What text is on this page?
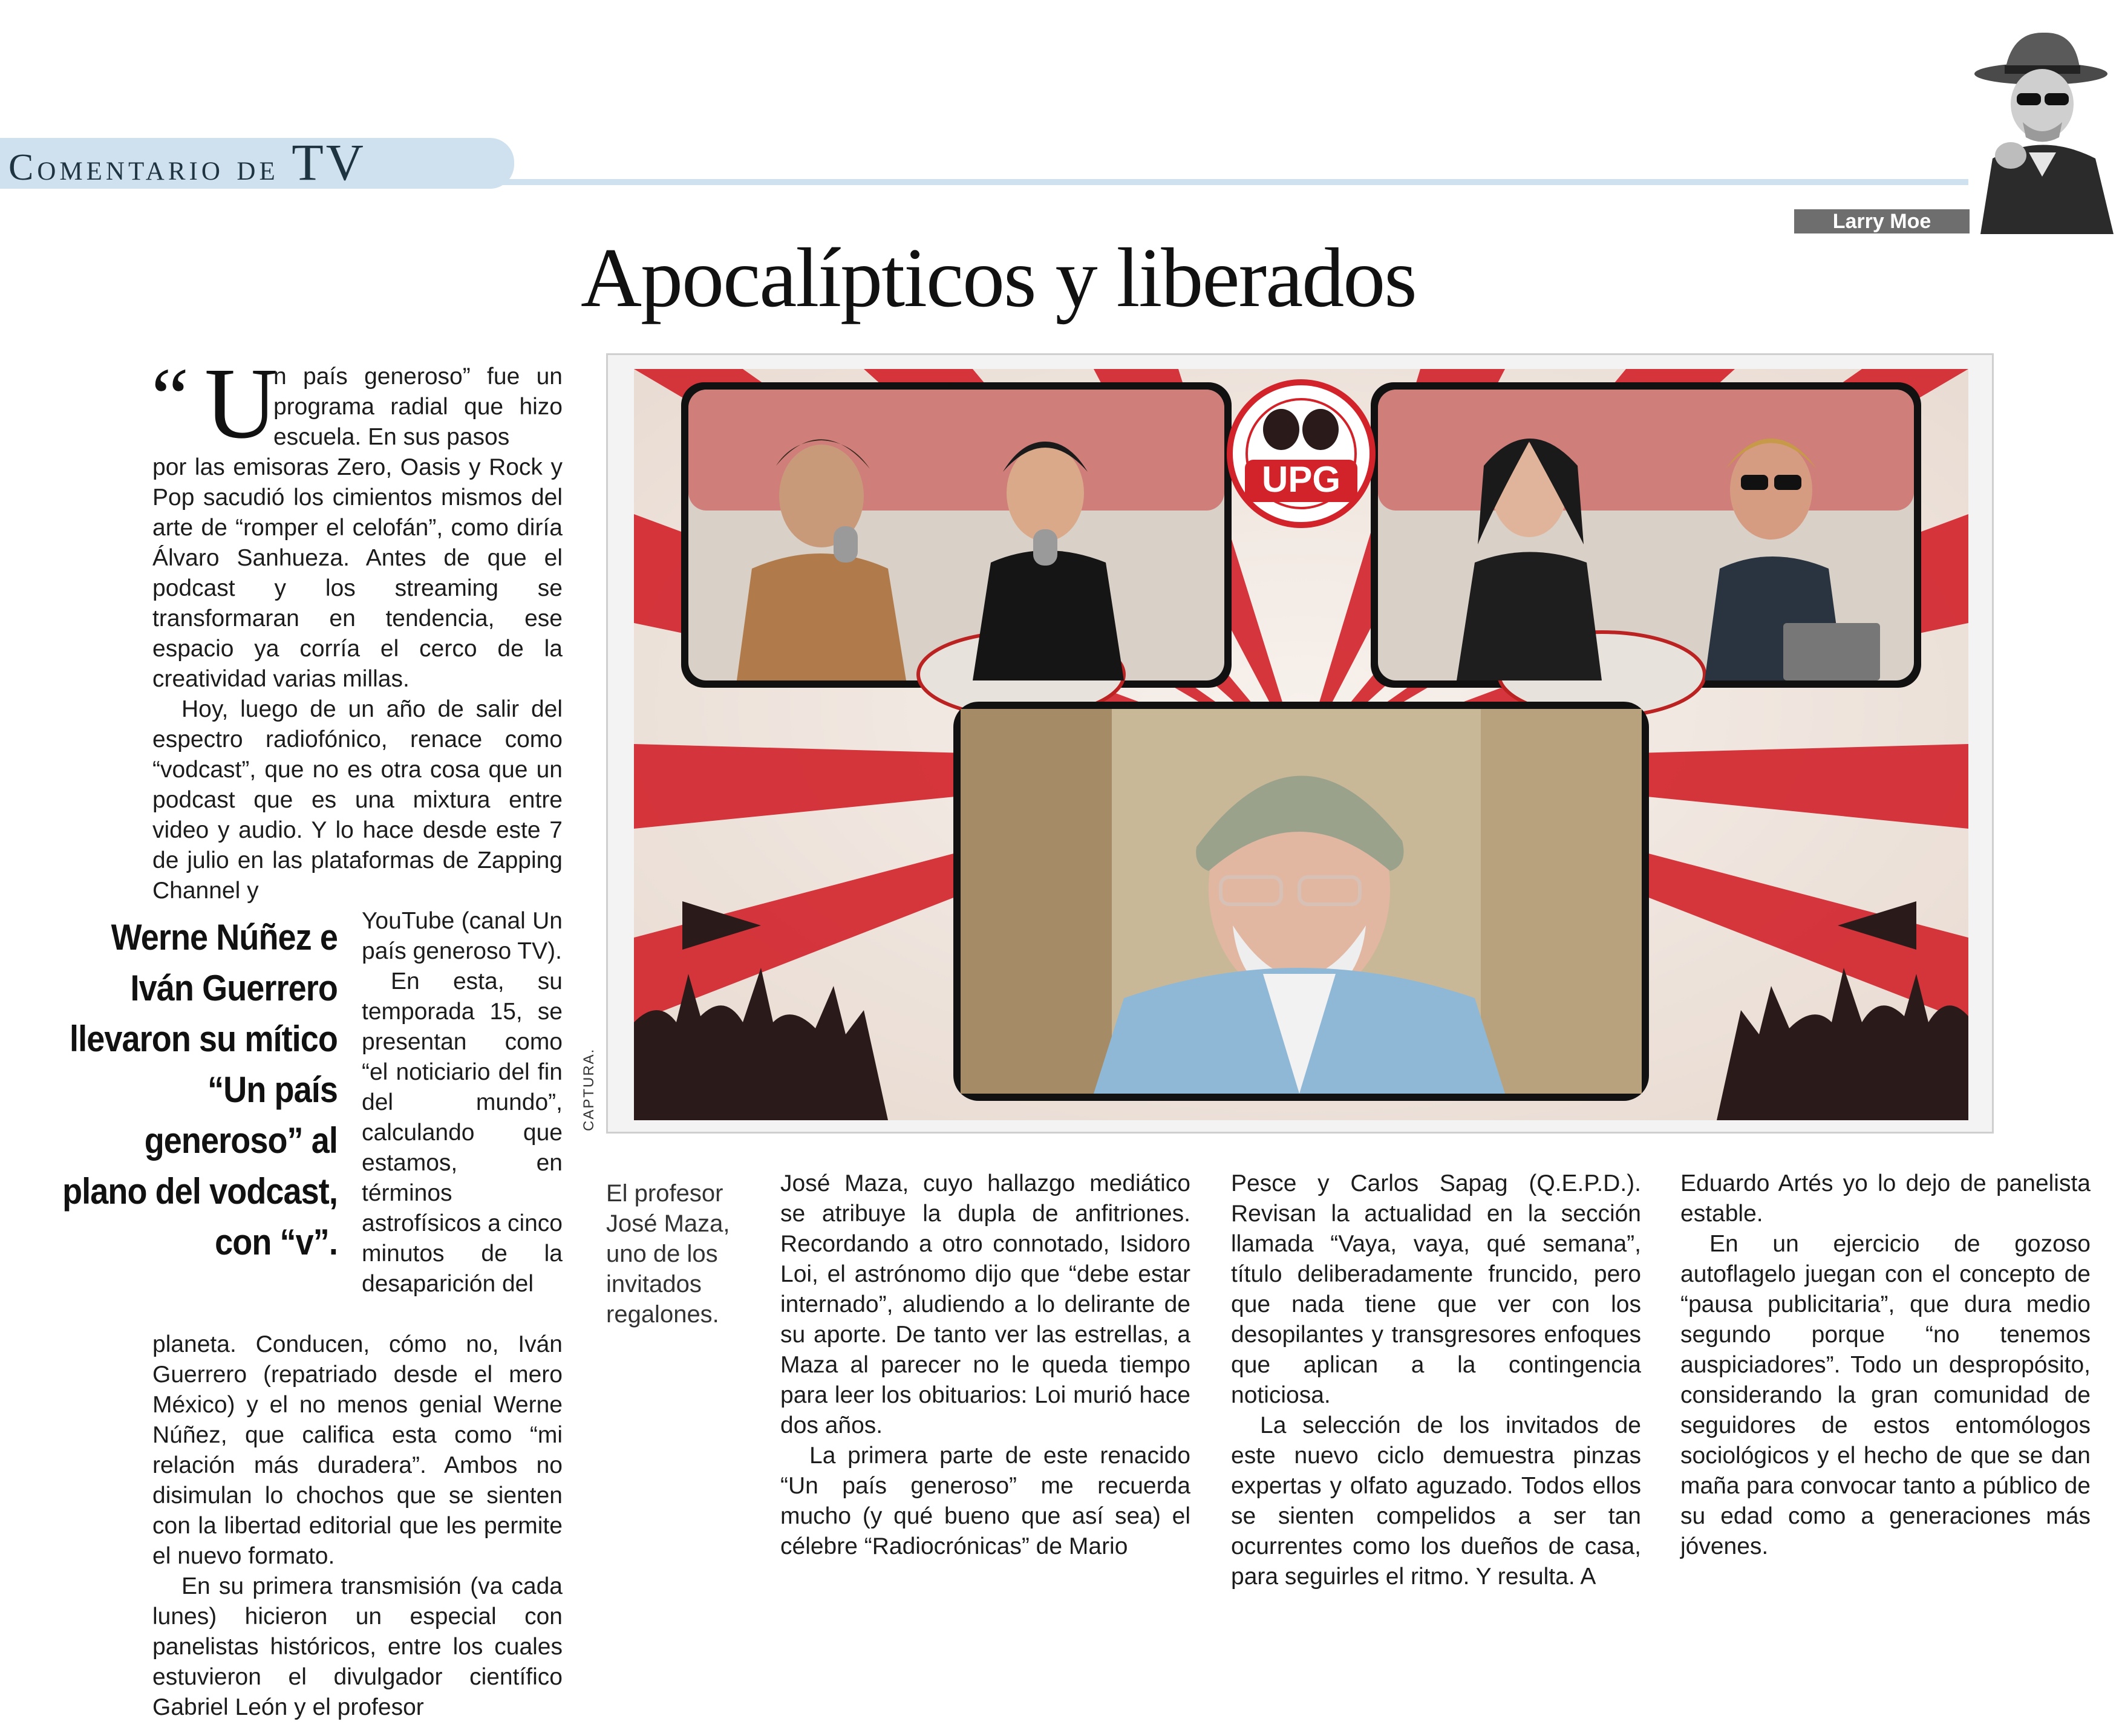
Comentario de TV
Larry Moe
Apocalípticos y liberados
“ U

n país generoso” fue un programa radial que hizo escuela. En sus pasos

por las emisoras Zero, Oasis y Rock y Pop sacudió los cimientos mismos del arte de “romper el celofán”, como diría Álvaro Sanhueza. Antes de que el podcast y los streaming se transformaran en tendencia, ese espacio ya corría el cerco de la creatividad varias millas.

Hoy, luego de un año de salir del espectro radiofónico, renace como “vodcast”, que no es otra cosa que un podcast que es una mixtura entre video y audio. Y lo hace desde este 7 de julio en las plataformas de Zapping Channel y

YouTube (canal Un país generoso TV).

En esta, su temporada 15, se presentan como “el noticiario del fin del mundo”, calculando que estamos, en términos astrofísicos a cinco minutos de la desaparición del

planeta. Conducen, cómo no, Iván Guerrero (repatriado desde el mero México) y el no menos genial Werne Núñez, que califica esta como “mi relación más duradera”. Ambos no disimulan lo chochos que se sienten con la libertad editorial que les permite el nuevo formato.

En su primera transmisión (va cada lunes) hicieron un especial con panelistas históricos, entre los cuales estuvieron el divulgador científico Gabriel León y el profesor

Werne Núñez e Iván Guerrero llevaron su mítico “Un país generoso” al plano del vodcast, con “v”.
UPG
CAPTURA.
El profesor José Maza, uno de los invitados regalones.

José Maza, cuyo hallazgo mediático se atribuye la dupla de anfitriones. Recordando a otro connotado, Isidoro Loi, el astrónomo dijo que “debe estar internado”, aludiendo a lo delirante de su aporte. De tanto ver las estrellas, a Maza al parecer no le queda tiempo para leer los obituarios: Loi murió hace dos años.

La primera parte de este renacido “Un país generoso” me recuerda mucho (y qué bueno que así sea) el célebre “Radiocrónicas” de Mario

Pesce y Carlos Sapag (Q.E.P.D.). Revisan la actualidad en la sección llamada “Vaya, vaya, qué semana”, título deliberadamente fruncido, pero que nada tiene que ver con los desopilantes y transgresores enfoques que aplican a la contingencia noticiosa.

La selección de los invitados de este nuevo ciclo demuestra pinzas expertas y olfato aguzado. Todos ellos se sienten compelidos a ser tan ocurrentes como los dueños de casa, para seguirles el ritmo. Y resulta. A

Eduardo Artés yo lo dejo de panelista estable.

En un ejercicio de gozoso autoflagelo juegan con el concepto de “pausa publicitaria”, que dura medio segundo porque “no tenemos auspiciadores”. Todo un despropósito, considerando la gran comunidad de seguidores de estos entomólogos sociológicos y el hecho de que se dan maña para convocar tanto a público de su edad como a generaciones más jóvenes.
